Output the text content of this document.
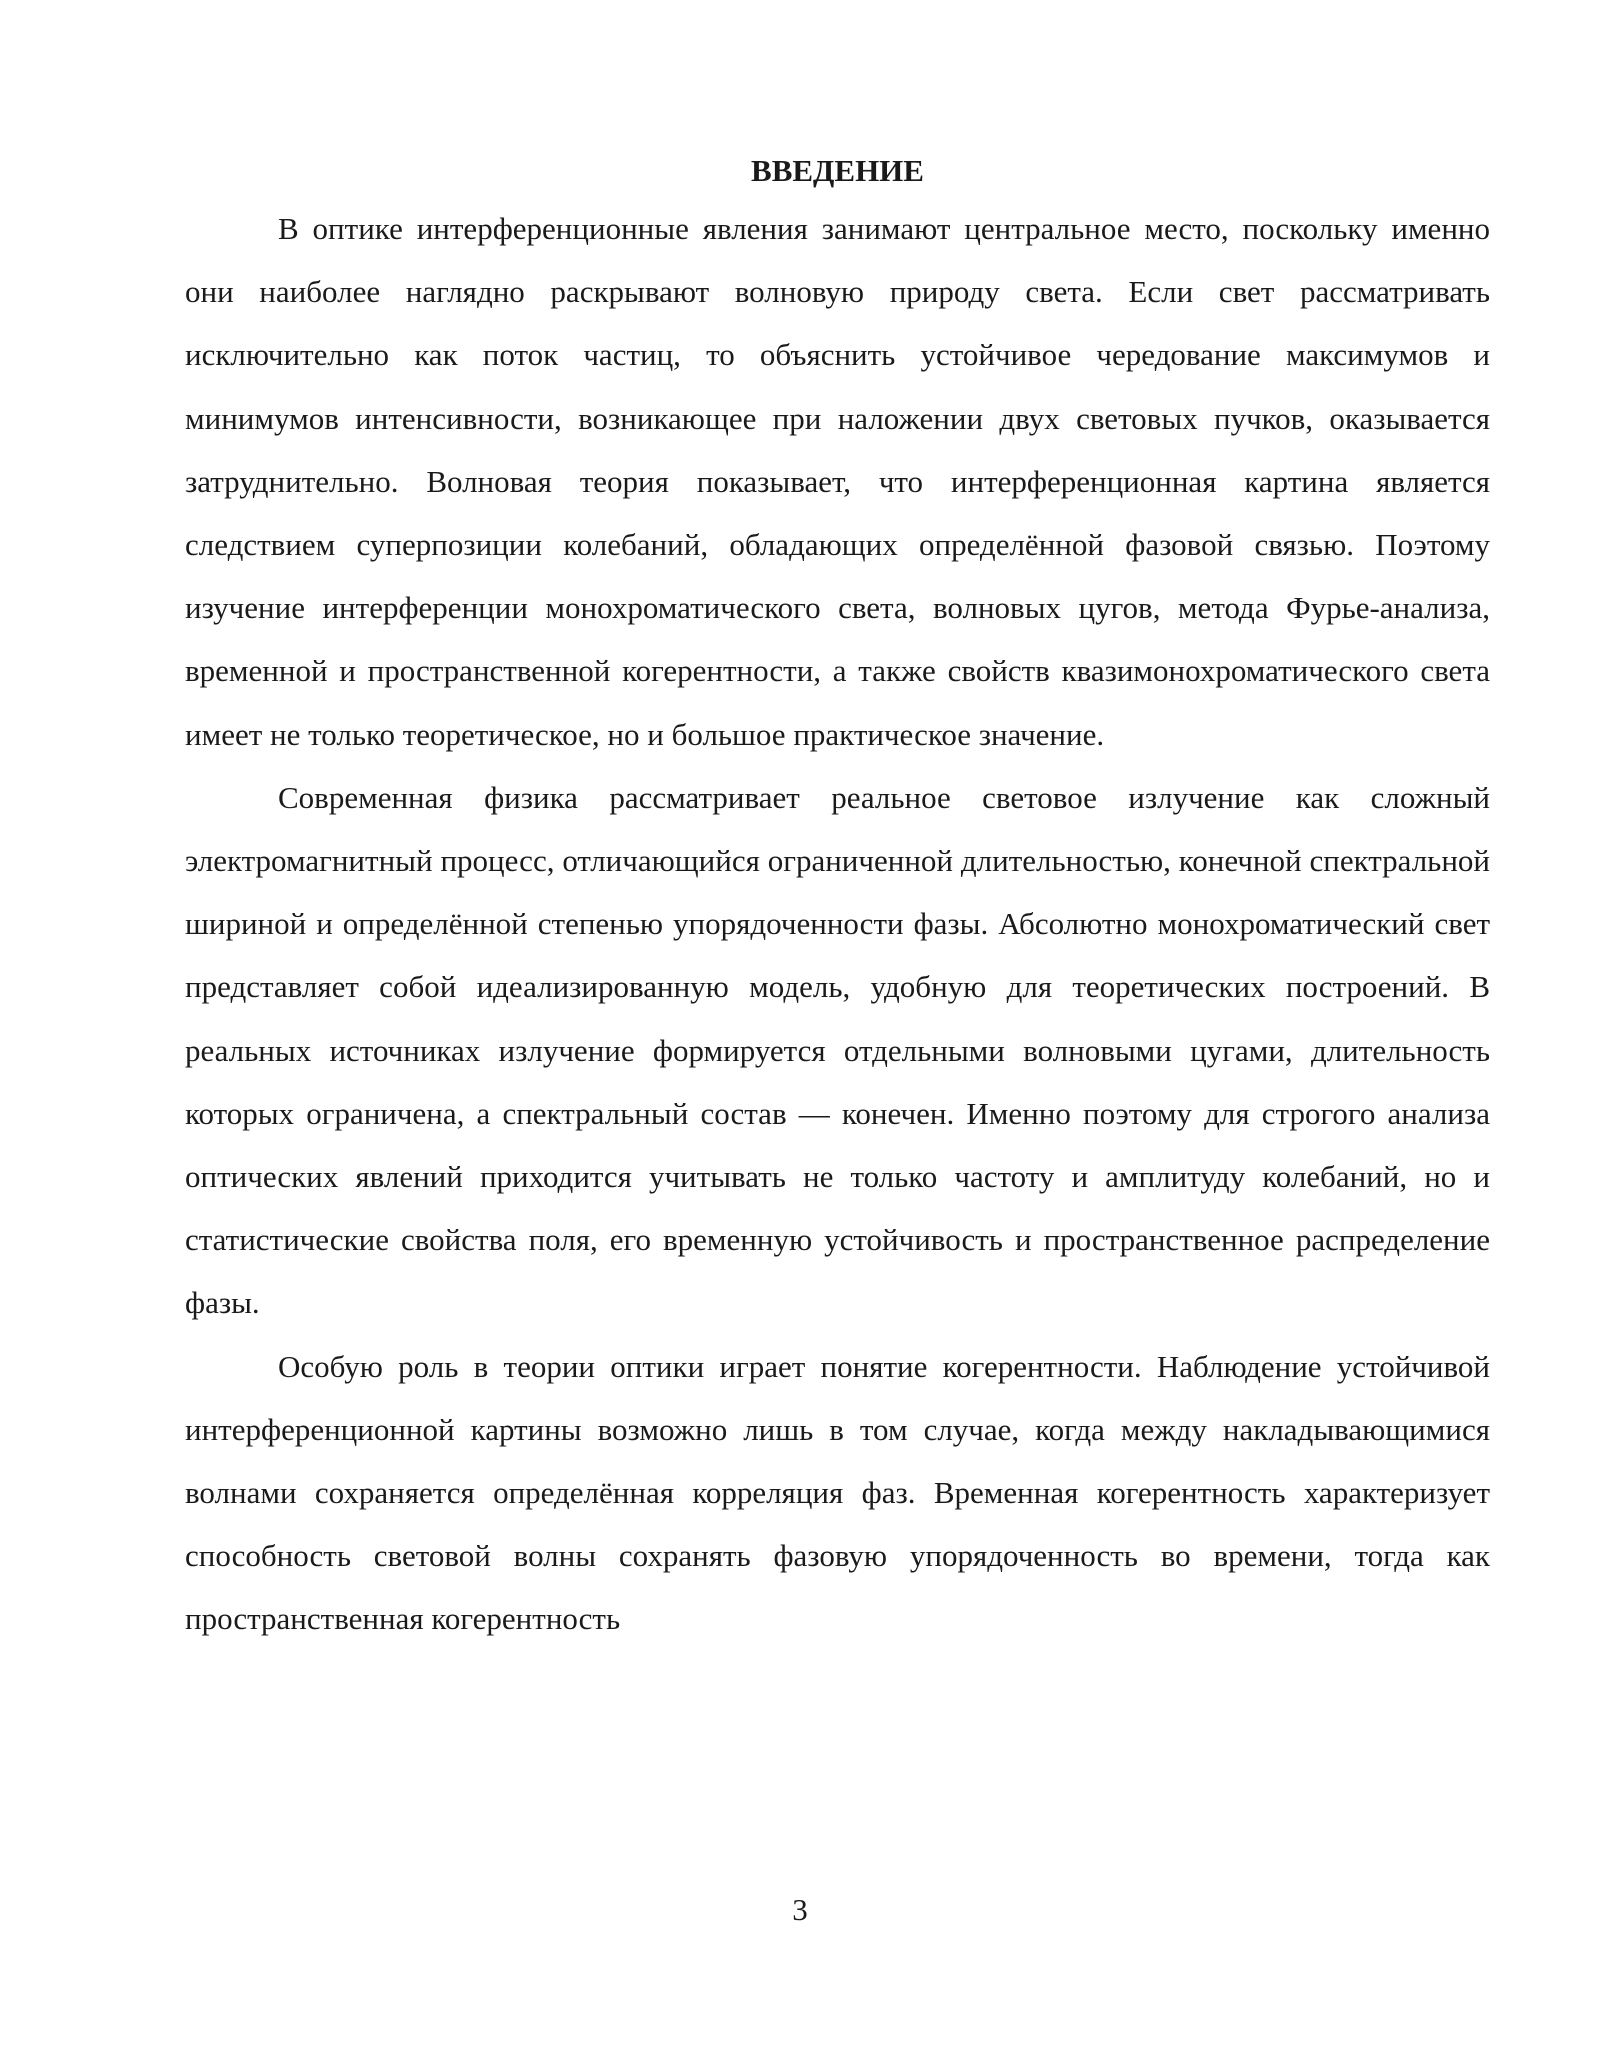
ВВЕДЕНИЕ

В оптике интерференционные явления занимают центральное место, поскольку именно они наиболее наглядно раскрывают волновую природу света. Если свет рассматривать исключительно как поток частиц, то объяснить устойчивое чередование максимумов и минимумов интенсивности, возникающее при наложении двух световых пучков, оказывается затруднительно. Волновая теория показывает, что интерференционная картина является следствием суперпозиции колебаний, обладающих определённой фазовой связью. Поэтому изучение интерференции монохроматического света, волновых цугов, метода Фурье-анализа, временной и пространственной когерентности, а также свойств квазимонохроматического света имеет не только теоретическое, но и большое практическое значение.

Современная физика рассматривает реальное световое излучение как сложный электромагнитный процесс, отличающийся ограниченной длительностью, конечной спектральной шириной и определённой степенью упорядоченности фазы. Абсолютно монохроматический свет представляет собой идеализированную модель, удобную для теоретических построений. В реальных источниках излучение формируется отдельными волновыми цугами, длительность которых ограничена, а спектральный состав — конечен. Именно поэтому для строгого анализа оптических явлений приходится учитывать не только частоту и амплитуду колебаний, но и статистические свойства поля, его временную устойчивость и пространственное распределение фазы.

Особую роль в теории оптики играет понятие когерентности. Наблюдение устойчивой интерференционной картины возможно лишь в том случае, когда между накладывающимися волнами сохраняется определённая корреляция фаз. Временная когерентность характеризует способность световой волны сохранять фазовую упорядоченность во времени, тогда как пространственная когерентность

3
